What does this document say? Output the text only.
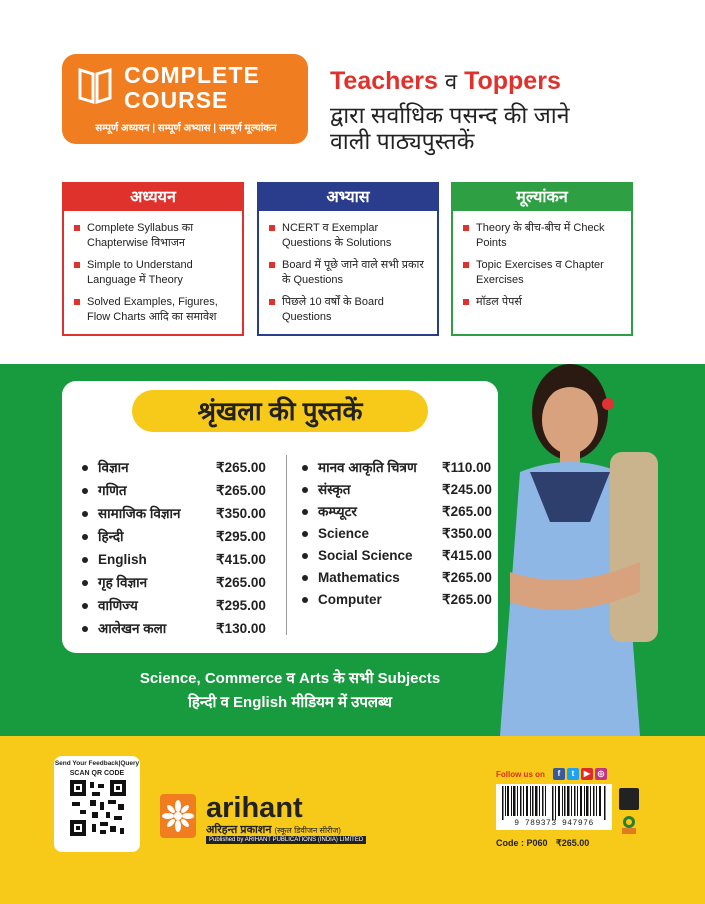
COMPLETE
COURSE
सम्पूर्ण अध्ययन | सम्पूर्ण अभ्यास | सम्पूर्ण मूल्यांकन
Teachers व Toppers
द्वारा सर्वाधिक पसन्द की जाने
वाली पाठ्यपुस्तकें
अध्ययन
Complete Syllabus का Chapterwise विभाजन
Simple to Understand Language में Theory
Solved Examples, Figures, Flow Charts आदि का समावेश
अभ्यास
NCERT व Exemplar Questions के Solutions
Board में पूछे जाने वाले सभी प्रकार के Questions
पिछले 10 वर्षों के Board Questions
मूल्यांकन
Theory के बीच-बीच में Check Points
Topic Exercises व Chapter Exercises
मॉडल पेपर्स
श्रृंखला की पुस्तकें
विज्ञान	₹265.00
गणित	₹265.00
सामाजिक विज्ञान	₹350.00
हिन्दी	₹295.00
English	₹415.00
गृह विज्ञान	₹265.00
वाणिज्य	₹295.00
आलेखन कला	₹130.00
मानव आकृति चित्रण ₹110.00
संस्कृत	₹245.00
कम्प्यूटर	₹265.00
Science	₹350.00
Social Science ₹415.00
Mathematics	₹265.00
Computer	₹265.00
Science, Commerce व Arts के सभी Subjects
हिन्दी व English मीडियम में उपलब्ध
Send Your Feedback|Query
SCAN QR CODE
arihant
अरिहन्त प्रकाशन (स्कूल डिवीजन सीरीज)
Published by ARIHANT PUBLICATIONS (INDIA) LIMITED
Follow us on	f	t	▶ ◎
9 789373 947976
Code : P060 ₹265.00
